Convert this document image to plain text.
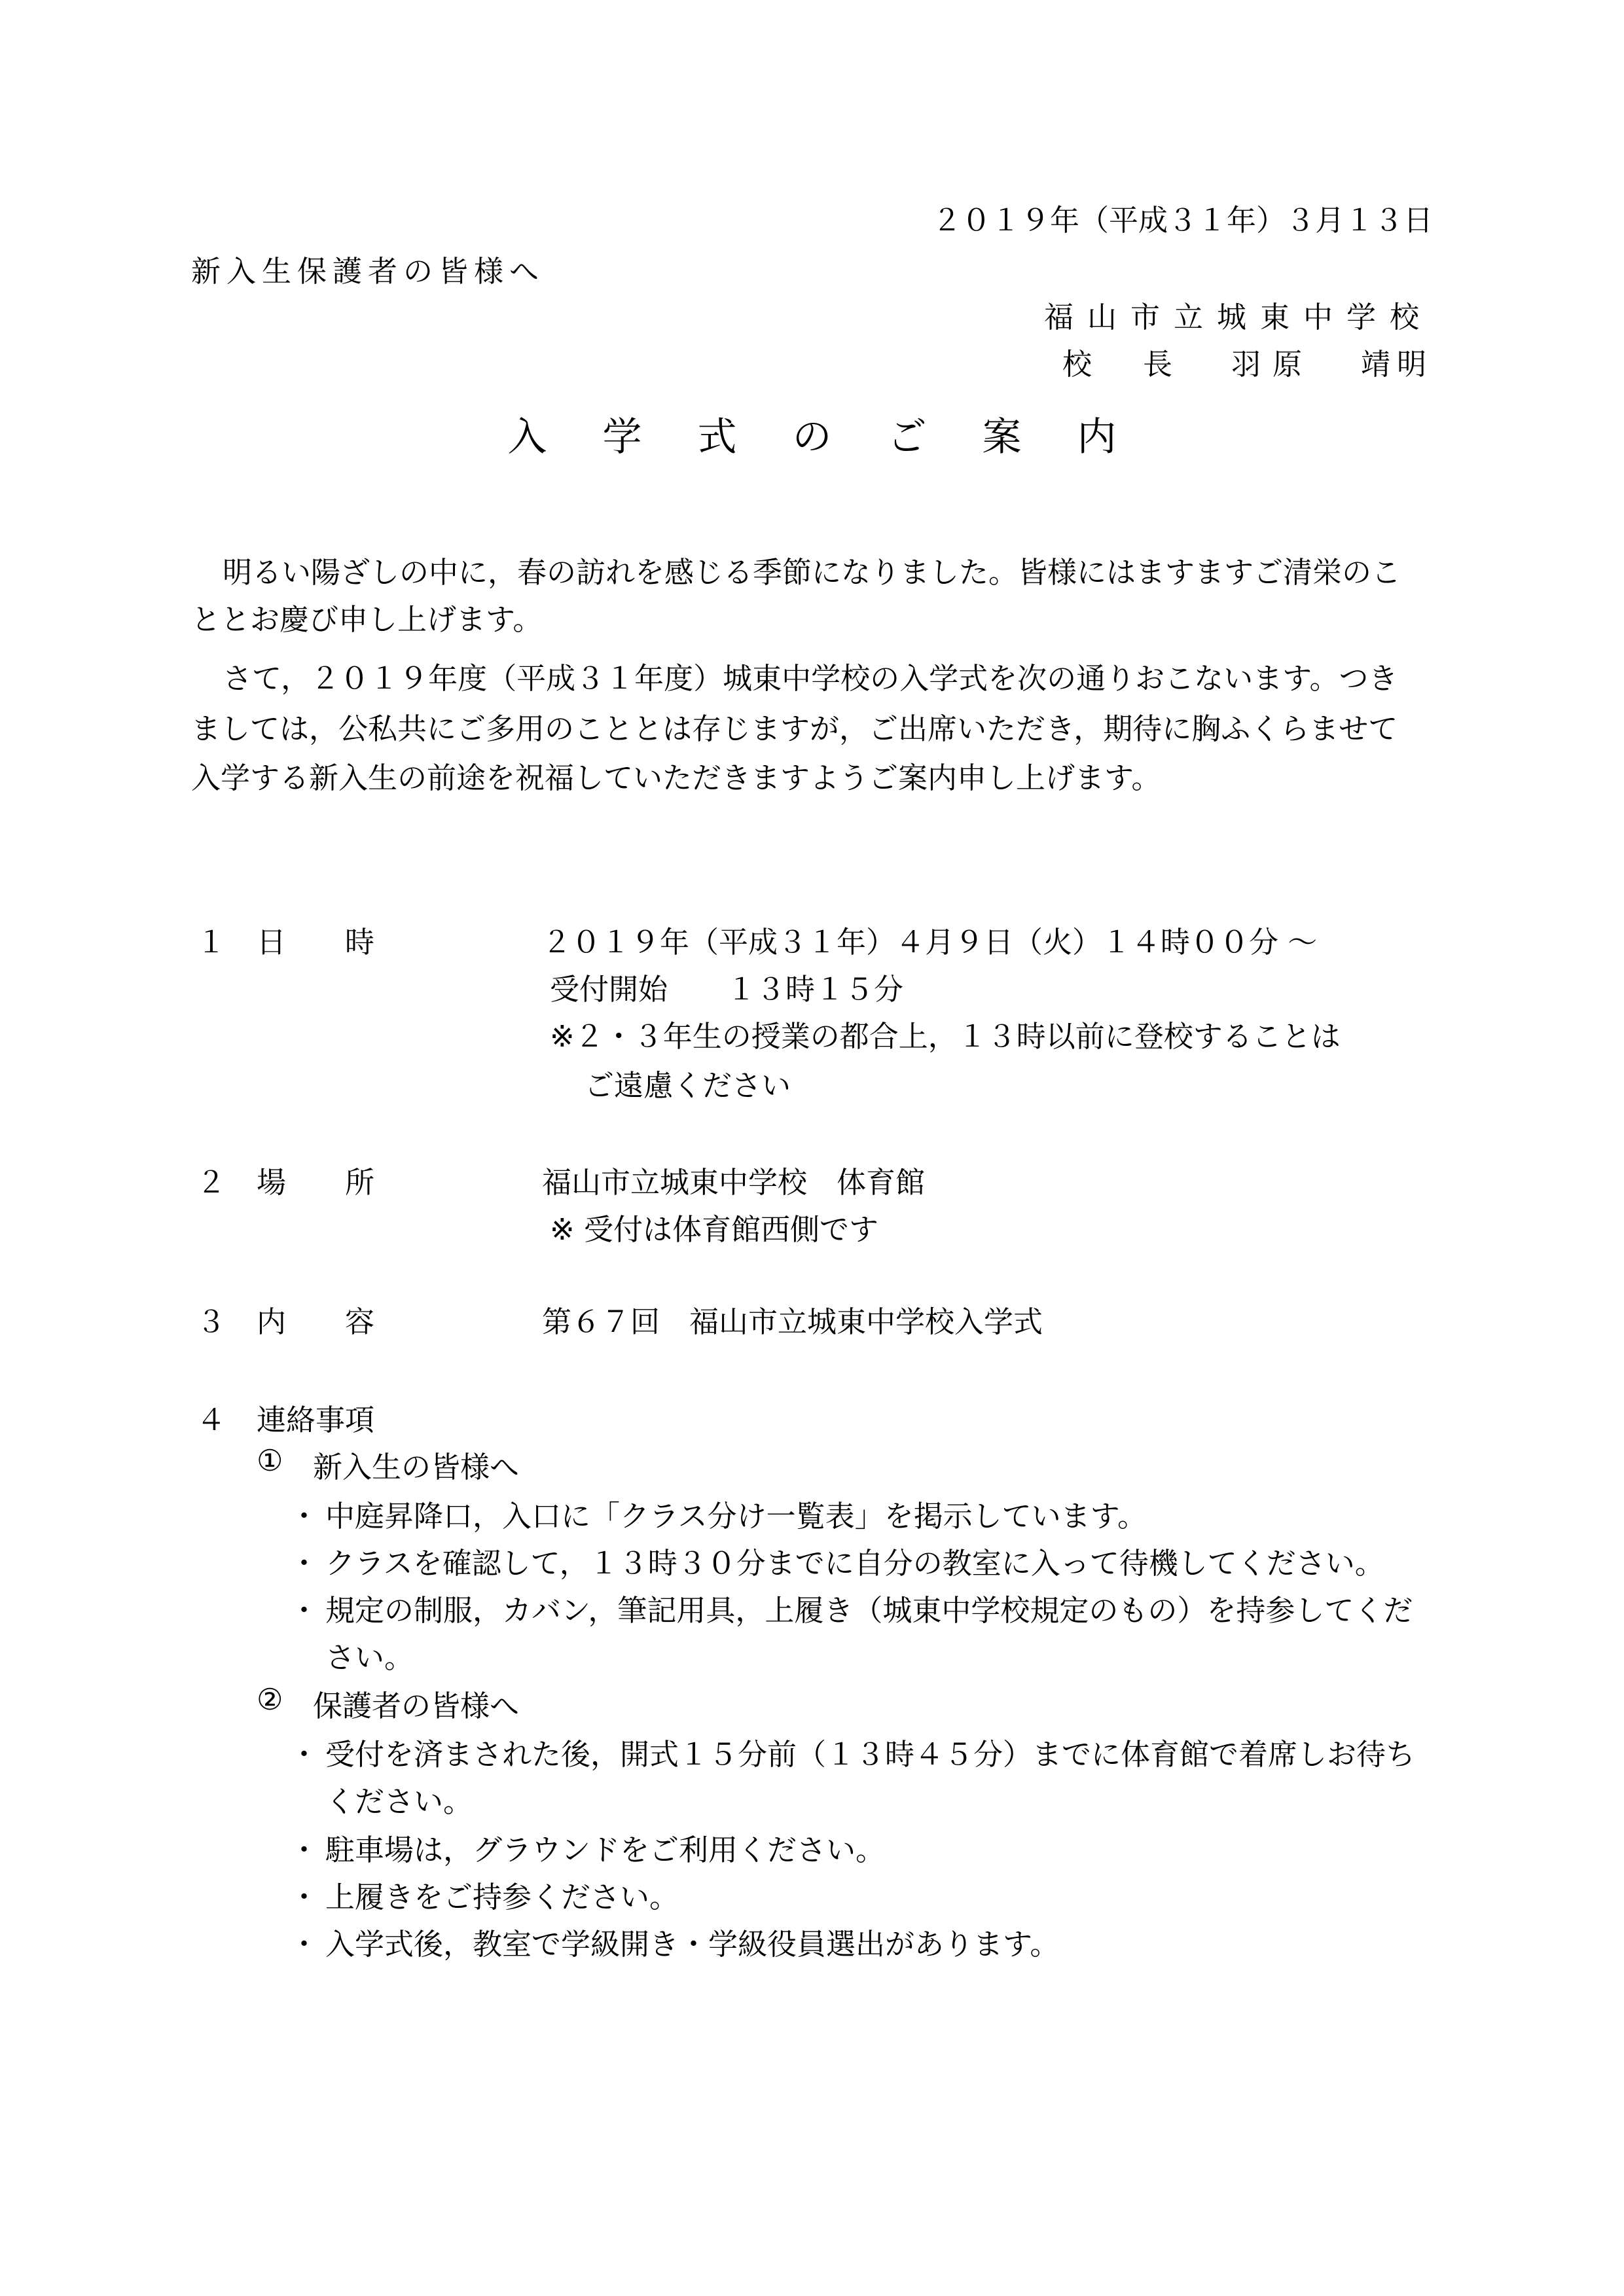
２０１９年（平成３１年）３月１３日
新入生保護者の皆様へ
福山市立城東中学校
校 長 羽原 靖明
入学式のご案内
明るい陽ざしの中に，春の訪れを感じる季節になりました。皆様にはますますご清栄のこ
ととお慶び申し上げます。
さて，２０１９年度（平成３１年度）城東中学校の入学式を次の通りおこないます。つき
ましては，公私共にご多用のこととは存じますが，ご出席いただき，期待に胸ふくらませて
入学する新入生の前途を祝福していただきますようご案内申し上げます。
１ 日 時	２０１９年（平成３１年）４月９日（火）１４時００分 ～
受付開始　　１３時１５分
※２・３年生の授業の都合上，１３時以前に登校することは
ご遠慮ください
２ 場 所	福山市立城東中学校　体育館
※ 受付は体育館西側です
３ 内 容	第６７回　福山市立城東中学校入学式
４ 連絡事項
① 新入生の皆様へ
・ 中庭昇降口，入口に「クラス分け一覧表」を掲示しています。
・ クラスを確認して，１３時３０分までに自分の教室に入って待機してください。
・ 規定の制服，カバン，筆記用具，上履き（城東中学校規定のもの）を持参してくだ
さい。
② 保護者の皆様へ
・ 受付を済まされた後，開式１５分前（１３時４５分）までに体育館で着席しお待ち
ください。
・ 駐車場は，グラウンドをご利用ください。
・ 上履きをご持参ください。
・ 入学式後，教室で学級開き・学級役員選出があります。
